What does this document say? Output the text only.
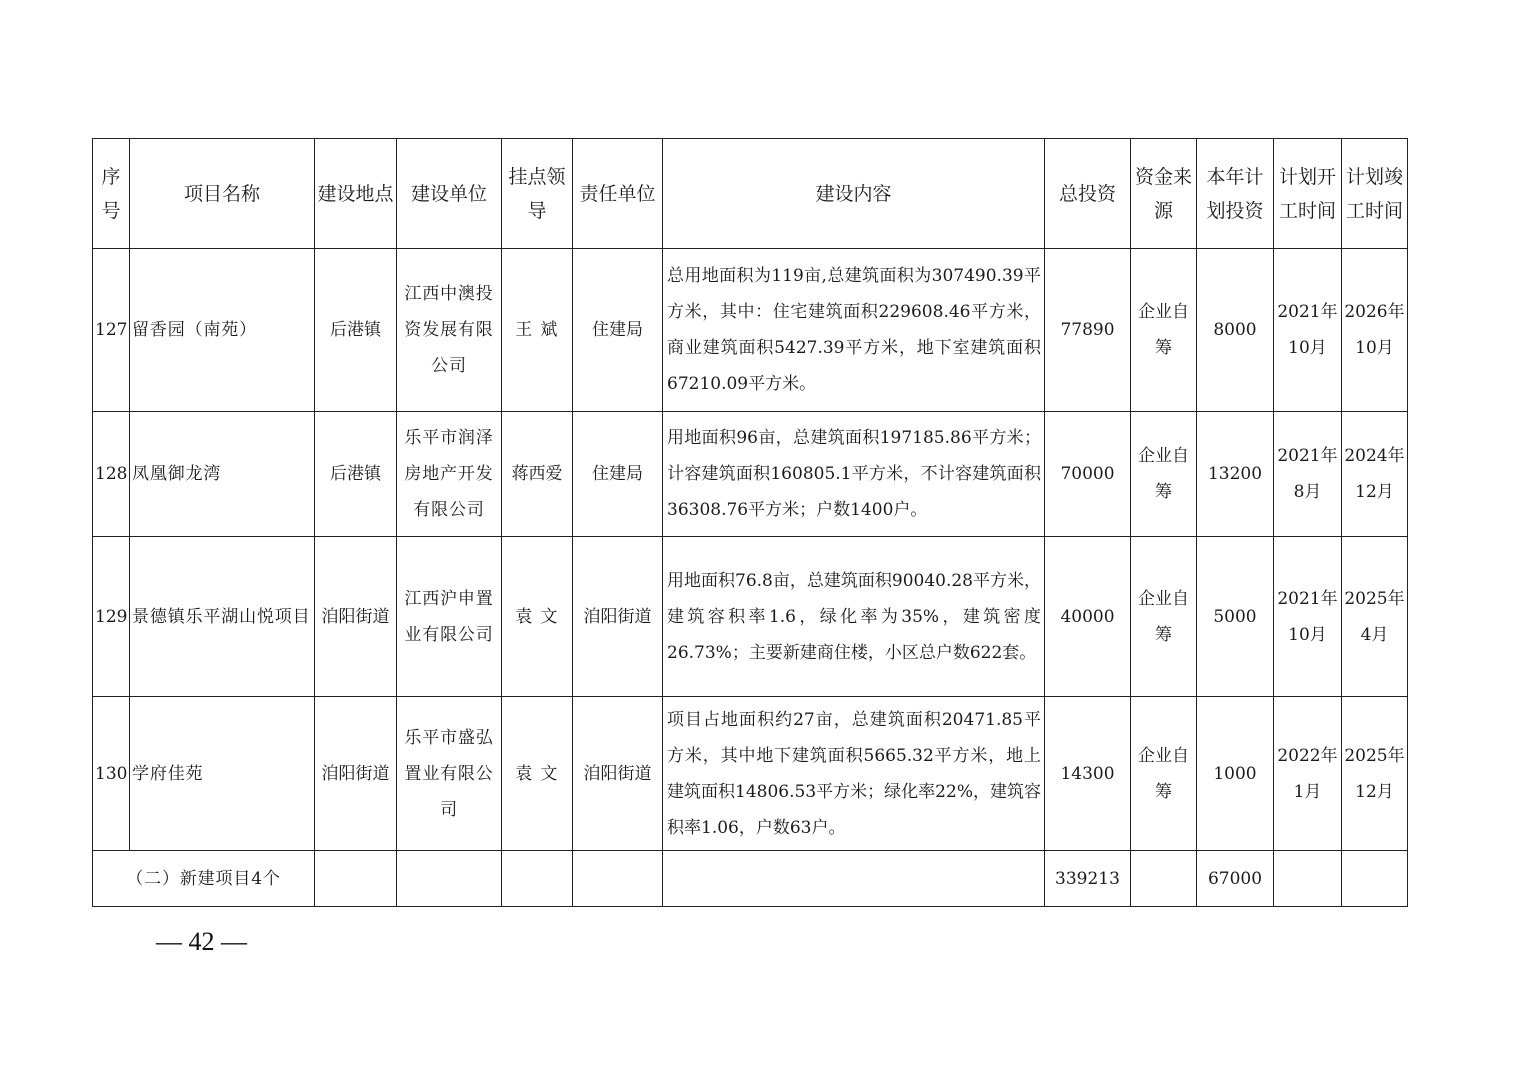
序号	项目名称	建设地点	建设单位	挂点领导	责任单位	建设内容	总投资	资金来源	本年计划投资	计划开工时间	计划竣工时间
127	留香园（南苑）	后港镇	江西中澳投资发展有限公司	王 斌	住建局	总用地面积为119亩,总建筑面积为307490.39平方米，其中：住宅建筑面积229608.46平方米，商业建筑面积5427.39平方米，地下室建筑面积67210.09平方米。	77890	企业自筹	8000	2021年10月	2026年10月
128	凤凰御龙湾	后港镇	乐平市润泽房地产开发有限公司	蒋西爱	住建局	用地面积96亩，总建筑面积197185.86平方米；计容建筑面积160805.1平方米，不计容建筑面积36308.76平方米；户数1400户。	70000	企业自筹	13200	2021年8月	2024年12月
129	景德镇乐平湖山悦项目	洎阳街道	江西沪申置业有限公司	袁 文	洎阳街道	用地面积76.8亩，总建筑面积90040.28平方米，建筑容积率1.6，绿化率为35%，建筑密度26.73%；主要新建商住楼，小区总户数622套。	40000	企业自筹	5000	2021年10月	2025年4月
130	学府佳苑	洎阳街道	乐平市盛弘置业有限公司	袁 文	洎阳街道	项目占地面积约27亩，总建筑面积20471.85平方米，其中地下建筑面积5665.32平方米，地上建筑面积14806.53平方米；绿化率22%，建筑容积率1.06，户数63户。	14300	企业自筹	1000	2022年1月	2025年12月
（二）新建项目4个							339213		67000		
— 42 —
